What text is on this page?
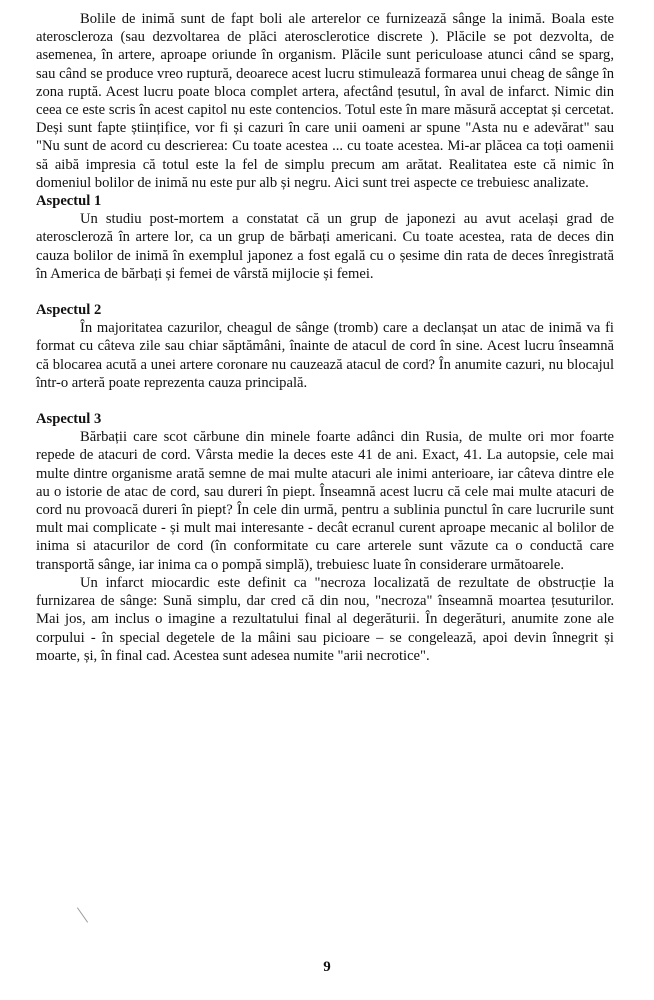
Bolile de inimă sunt de fapt boli ale arterelor ce furnizează sânge la inimă. Boala este ateroscleroza (sau dezvoltarea de plăci aterosclerotice discrete ). Plăcile se pot dezvolta, de asemenea, în artere, aproape oriunde în organism. Plăcile sunt periculoase atunci când se sparg, sau când se produce vreo ruptură, deoarece acest lucru stimulează formarea unui cheag de sânge în zona ruptă. Acest lucru poate bloca complet artera, afectând țesutul, în aval de infarct. Nimic din ceea ce este scris în acest capitol nu este contencios. Totul este în mare măsură acceptat și cercetat. Deși sunt fapte științifice, vor fi și cazuri în care unii oameni ar spune "Asta nu e adevărat" sau "Nu sunt de acord cu descrierea: Cu toate acestea ... cu toate acestea. Mi-ar plăcea ca toți oamenii să aibă impresia că totul este la fel de simplu precum am arătat. Realitatea este că nimic în domeniul bolilor de inimă nu este pur alb și negru. Aici sunt trei aspecte ce trebuiesc analizate.

Aspectul 1

Un studiu post-mortem a constatat că un grup de japonezi au avut același grad de ateroscleroză în artere lor, ca un grup de bărbați americani. Cu toate acestea, rata de deces din cauza bolilor de inimă în exemplul japonez a fost egală cu o șesime din rata de deces înregistrată în America de bărbați și femei de vârstă mijlocie și femei.

Aspectul 2

În majoritatea cazurilor, cheagul de sânge (tromb) care a declanșat un atac de inimă va fi format cu câteva zile sau chiar săptămâni, înainte de atacul de cord în sine. Acest lucru înseamnă că blocarea acută a unei artere coronare nu cauzează atacul de cord? În anumite cazuri, nu blocajul într-o arteră poate reprezenta cauza principală.

Aspectul 3

Bărbații care scot cărbune din minele foarte adânci din Rusia, de multe ori mor foarte repede de atacuri de cord. Vârsta medie la deces este 41 de ani. Exact, 41. La autopsie, cele mai multe dintre organisme arată semne de mai multe atacuri ale inimi anterioare, iar câteva dintre ele au o istorie de atac de cord, sau dureri în piept. Înseamnă acest lucru că cele mai multe atacuri de cord nu provoacă dureri în piept? În cele din urmă, pentru a sublinia punctul în care lucrurile sunt mult mai complicate - și mult mai interesante - decât ecranul curent aproape mecanic al bolilor de inima si atacurilor de cord (în conformitate cu care arterele sunt văzute ca o conductă care transportă sânge, iar inima ca o pompă simplă), trebuiesc luate în considerare următoarele.

Un infarct miocardic este definit ca "necroza localizată de rezultate de obstrucție la furnizarea de sânge: Sună simplu, dar cred că din nou, "necroza" înseamnă moartea țesuturilor. Mai jos, am inclus o imagine a rezultatului final al degerăturii. În degerături, anumite zone ale corpului - în special degetele de la mâini sau picioare – se congelează, apoi devin înnegrit și moarte, și, în final cad. Acestea sunt adesea numite "arii necrotice".

9
